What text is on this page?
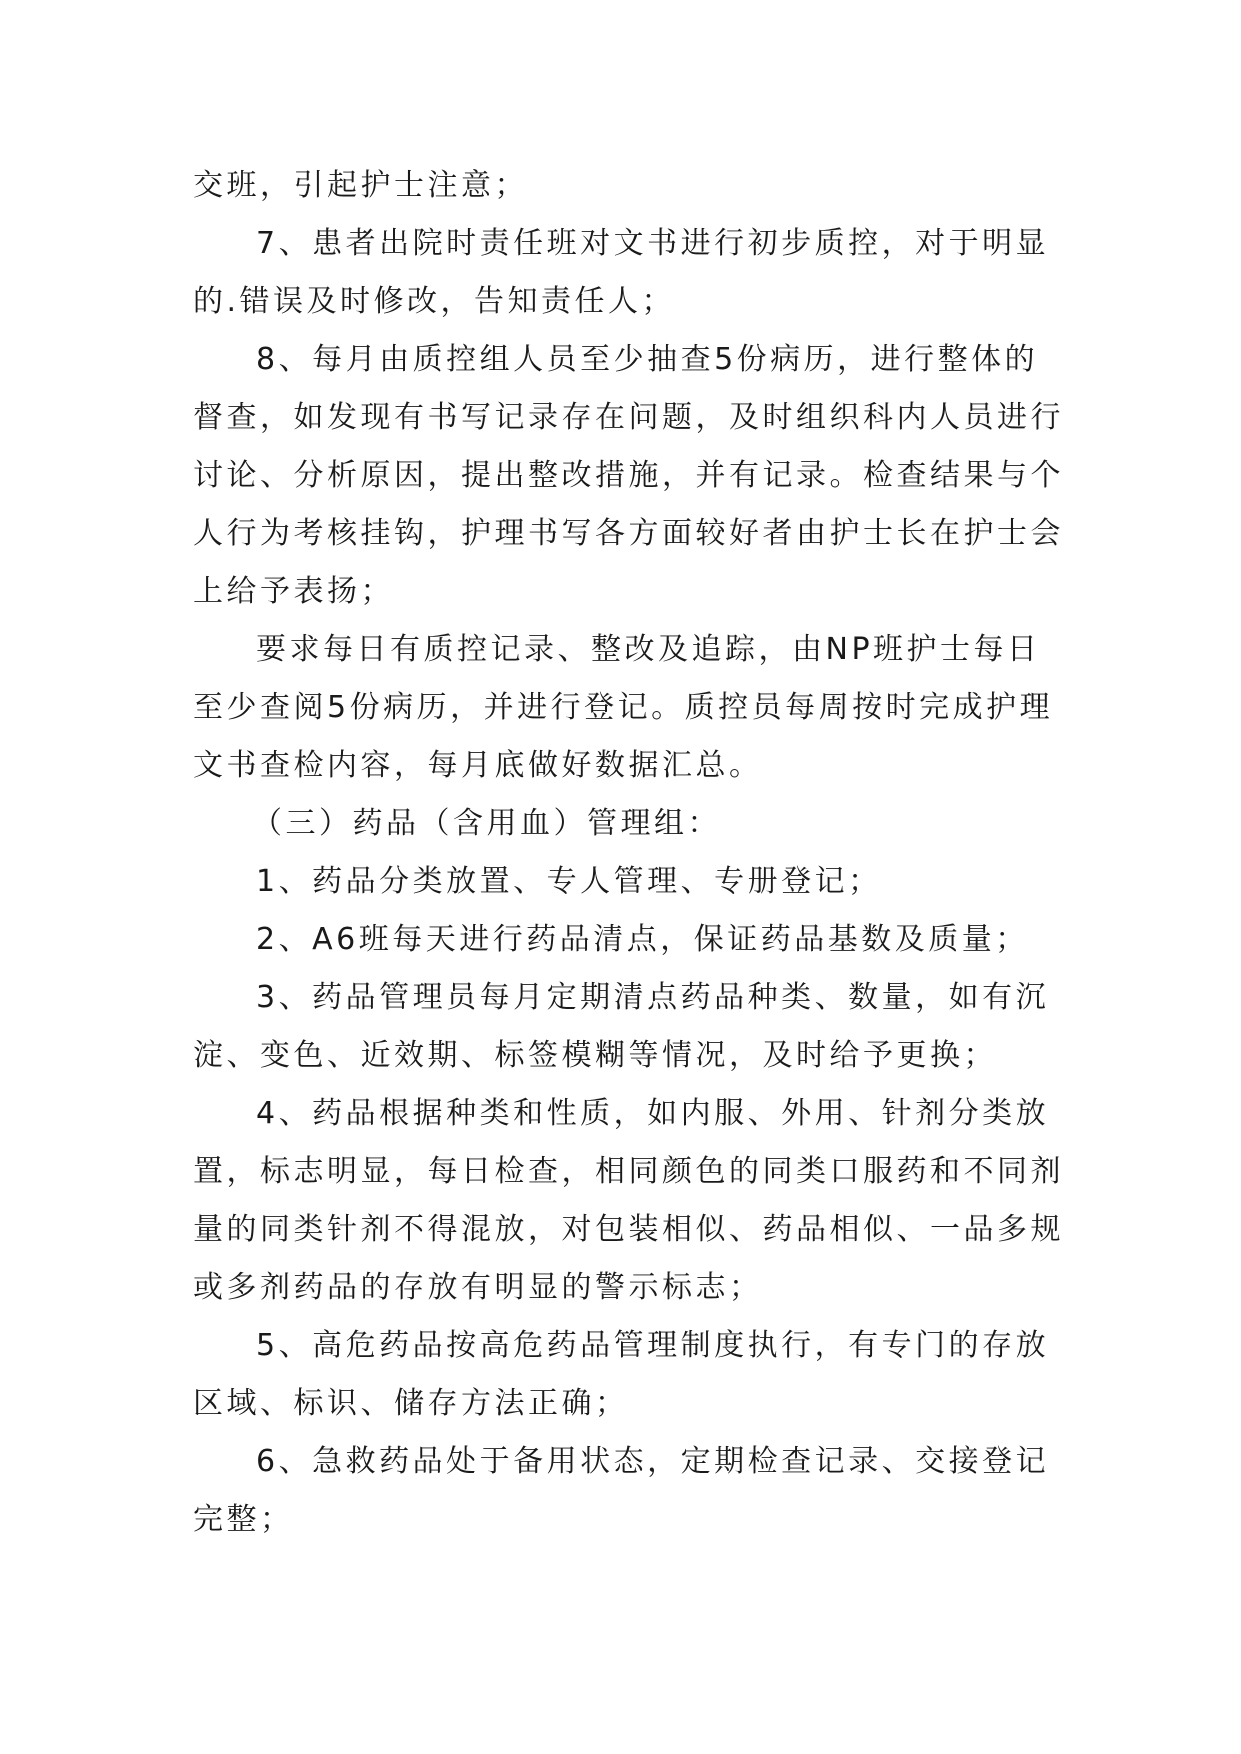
交班，引起护士注意；

7、患者出院时责任班对文书进行初步质控，对于明显

的.错误及时修改，告知责任人；

8、每月由质控组人员至少抽查5份病历，进行整体的

督查，如发现有书写记录存在问题，及时组织科内人员进行

讨论、分析原因，提出整改措施，并有记录。检查结果与个

人行为考核挂钩，护理书写各方面较好者由护士长在护士会

上给予表扬；

要求每日有质控记录、整改及追踪，由NP班护士每日

至少查阅5份病历，并进行登记。质控员每周按时完成护理

文书查检内容，每月底做好数据汇总。

（三）药品（含用血）管理组：

1、药品分类放置、专人管理、专册登记；

2、A6班每天进行药品清点，保证药品基数及质量；

3、药品管理员每月定期清点药品种类、数量，如有沉

淀、变色、近效期、标签模糊等情况，及时给予更换；

4、药品根据种类和性质，如内服、外用、针剂分类放

置，标志明显，每日检查，相同颜色的同类口服药和不同剂

量的同类针剂不得混放，对包装相似、药品相似、一品多规

或多剂药品的存放有明显的警示标志；

5、高危药品按高危药品管理制度执行，有专门的存放

区域、标识、储存方法正确；

6、急救药品处于备用状态，定期检查记录、交接登记

完整；
